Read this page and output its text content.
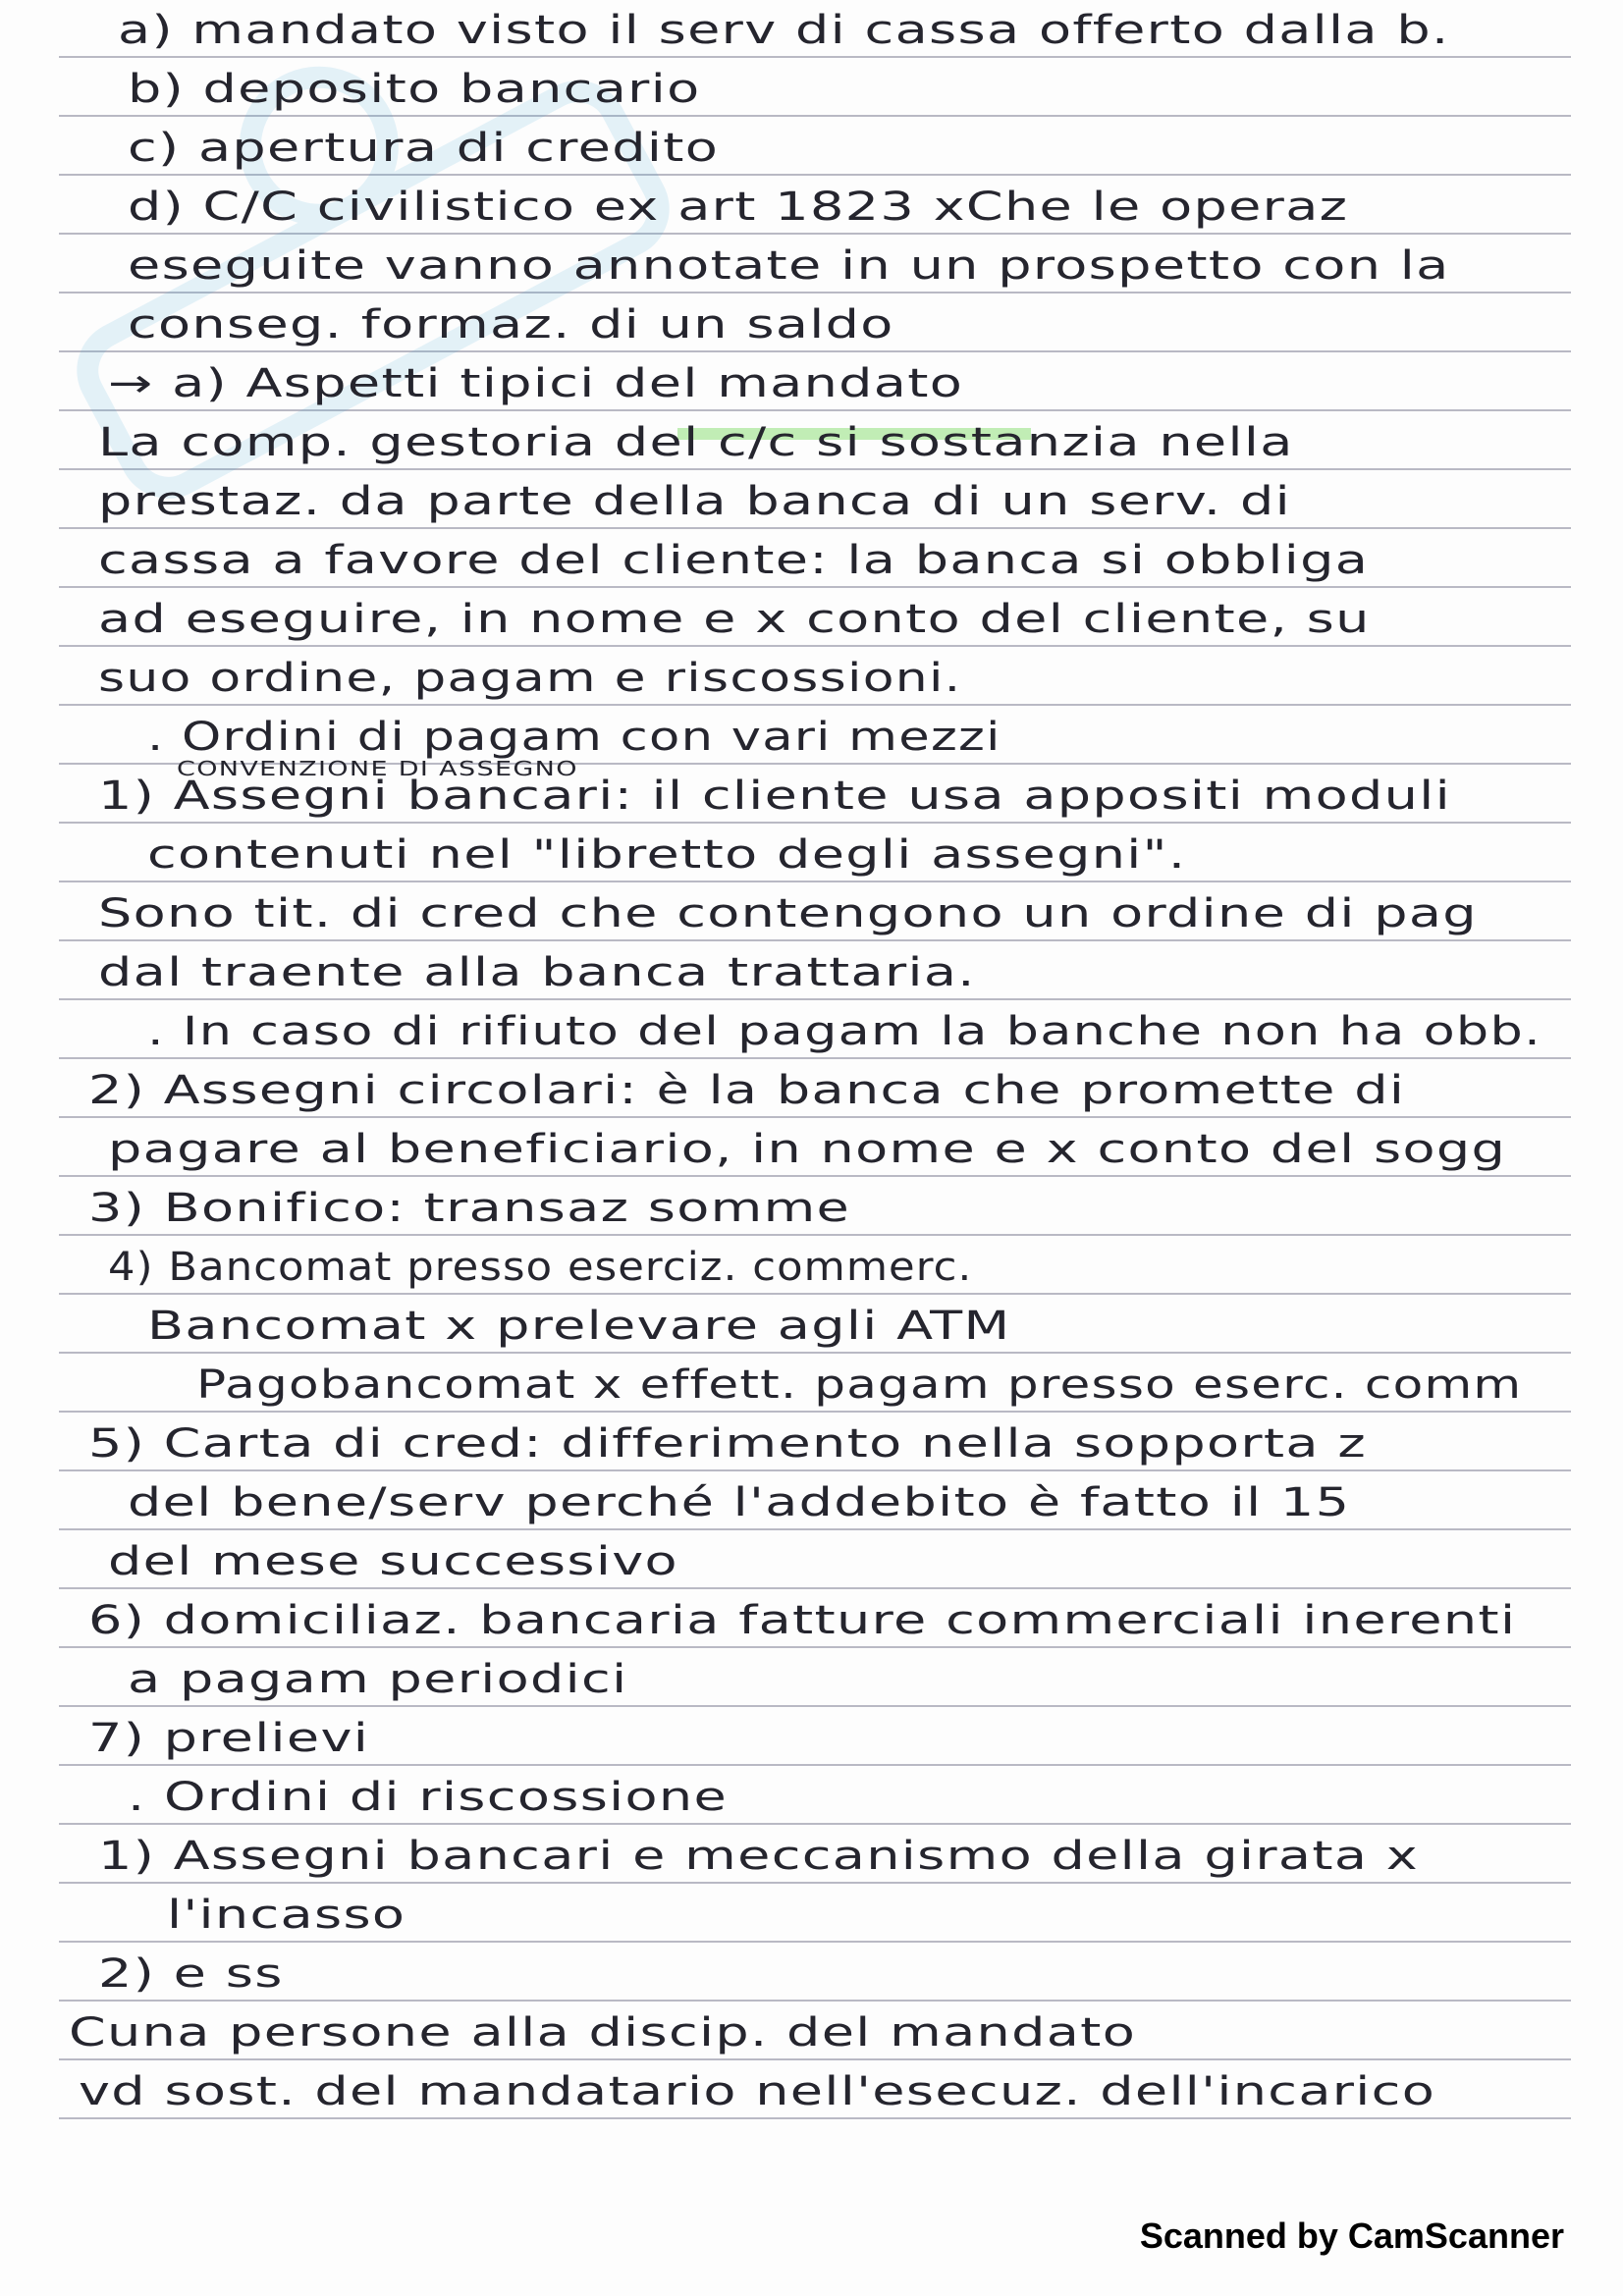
a) mandato visto il serv di cassa offerto dalla b.
b) deposito bancario
c) apertura di credito
d) C/C civilistico ex art 1823 xChe le operaz
eseguite vanno annotate in un prospetto con la
conseg. formaz. di un saldo
→ a) Aspetti tipici del mandato
La comp. gestoria del c/c si sostanzia nella
prestaz. da parte della banca di un serv. di
cassa a favore del cliente: la banca si obbliga
ad eseguire, in nome e x conto del cliente, su
suo ordine, pagam e riscossioni.
. Ordini di pagam con vari mezzi
1) Assegni bancari: il cliente usa appositi moduli
contenuti nel "libretto degli assegni".
Sono tit. di cred che contengono un ordine di pag
dal traente alla banca trattaria.
. In caso di rifiuto del pagam la banche non ha obb.
2) Assegni circolari: è la banca che promette di
pagare al beneficiario, in nome e x conto del sogg
3) Bonifico: transaz somme
4) Bancomat presso eserciz. commerc.
Bancomat x prelevare agli ATM
Pagobancomat x effett. pagam presso eserc. comm
5) Carta di cred: differimento nella sopporta z
del bene/serv perché l'addebito è fatto il 15
del mese successivo
6) domiciliaz. bancaria fatture commerciali inerenti
a pagam periodici
7) prelievi
. Ordini di riscossione
1) Assegni bancari e meccanismo della girata x
l'incasso
2) e ss
Cuna persone alla discip. del mandato
vd sost. del mandatario nell'esecuz. dell'incarico
CONVENZIONE DI ASSEGNO
Scanned by CamScanner
